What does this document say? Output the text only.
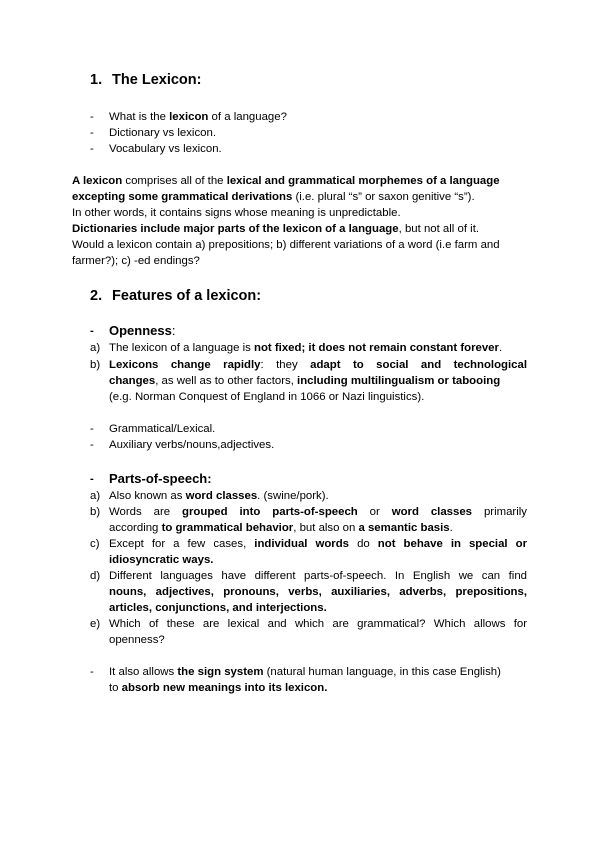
1. The Lexicon:
- What is the lexicon of a language?
- Dictionary vs lexicon.
- Vocabulary vs lexicon.
A lexicon comprises all of the lexical and grammatical morphemes of a language
excepting some grammatical derivations (i.e. plural “s” or saxon genitive “s”).
In other words, it contains signs whose meaning is unpredictable.
Dictionaries include major parts of the lexicon of a language, but not all of it.
Would a lexicon contain a) prepositions; b) different variations of a word (i.e farm and
farmer?); c) -ed endings?
2. Features of a lexicon:
- Openness:
a) The lexicon of a language is not fixed; it does not remain constant forever.
b) Lexicons change rapidly: they adapt to social and technological
changes, as well as to other factors, including multilingualism or tabooing
(e.g. Norman Conquest of England in 1066 or Nazi linguistics).
- Grammatical/Lexical.
- Auxiliary verbs/nouns,adjectives.
- Parts-of-speech:
a) Also known as word classes. (swine/pork).
b) Words are grouped into parts-of-speech or word classes primarily
according to grammatical behavior, but also on a semantic basis.
c) Except for a few cases, individual words do not behave in special or
idiosyncratic ways.
d) Different languages have different parts-of-speech. In English we can find
nouns, adjectives, pronouns, verbs, auxiliaries, adverbs, prepositions,
articles, conjunctions, and interjections.
e) Which of these are lexical and which are grammatical? Which allows for
openness?
- It also allows the sign system (natural human language, in this case English)
to absorb new meanings into its lexicon.
